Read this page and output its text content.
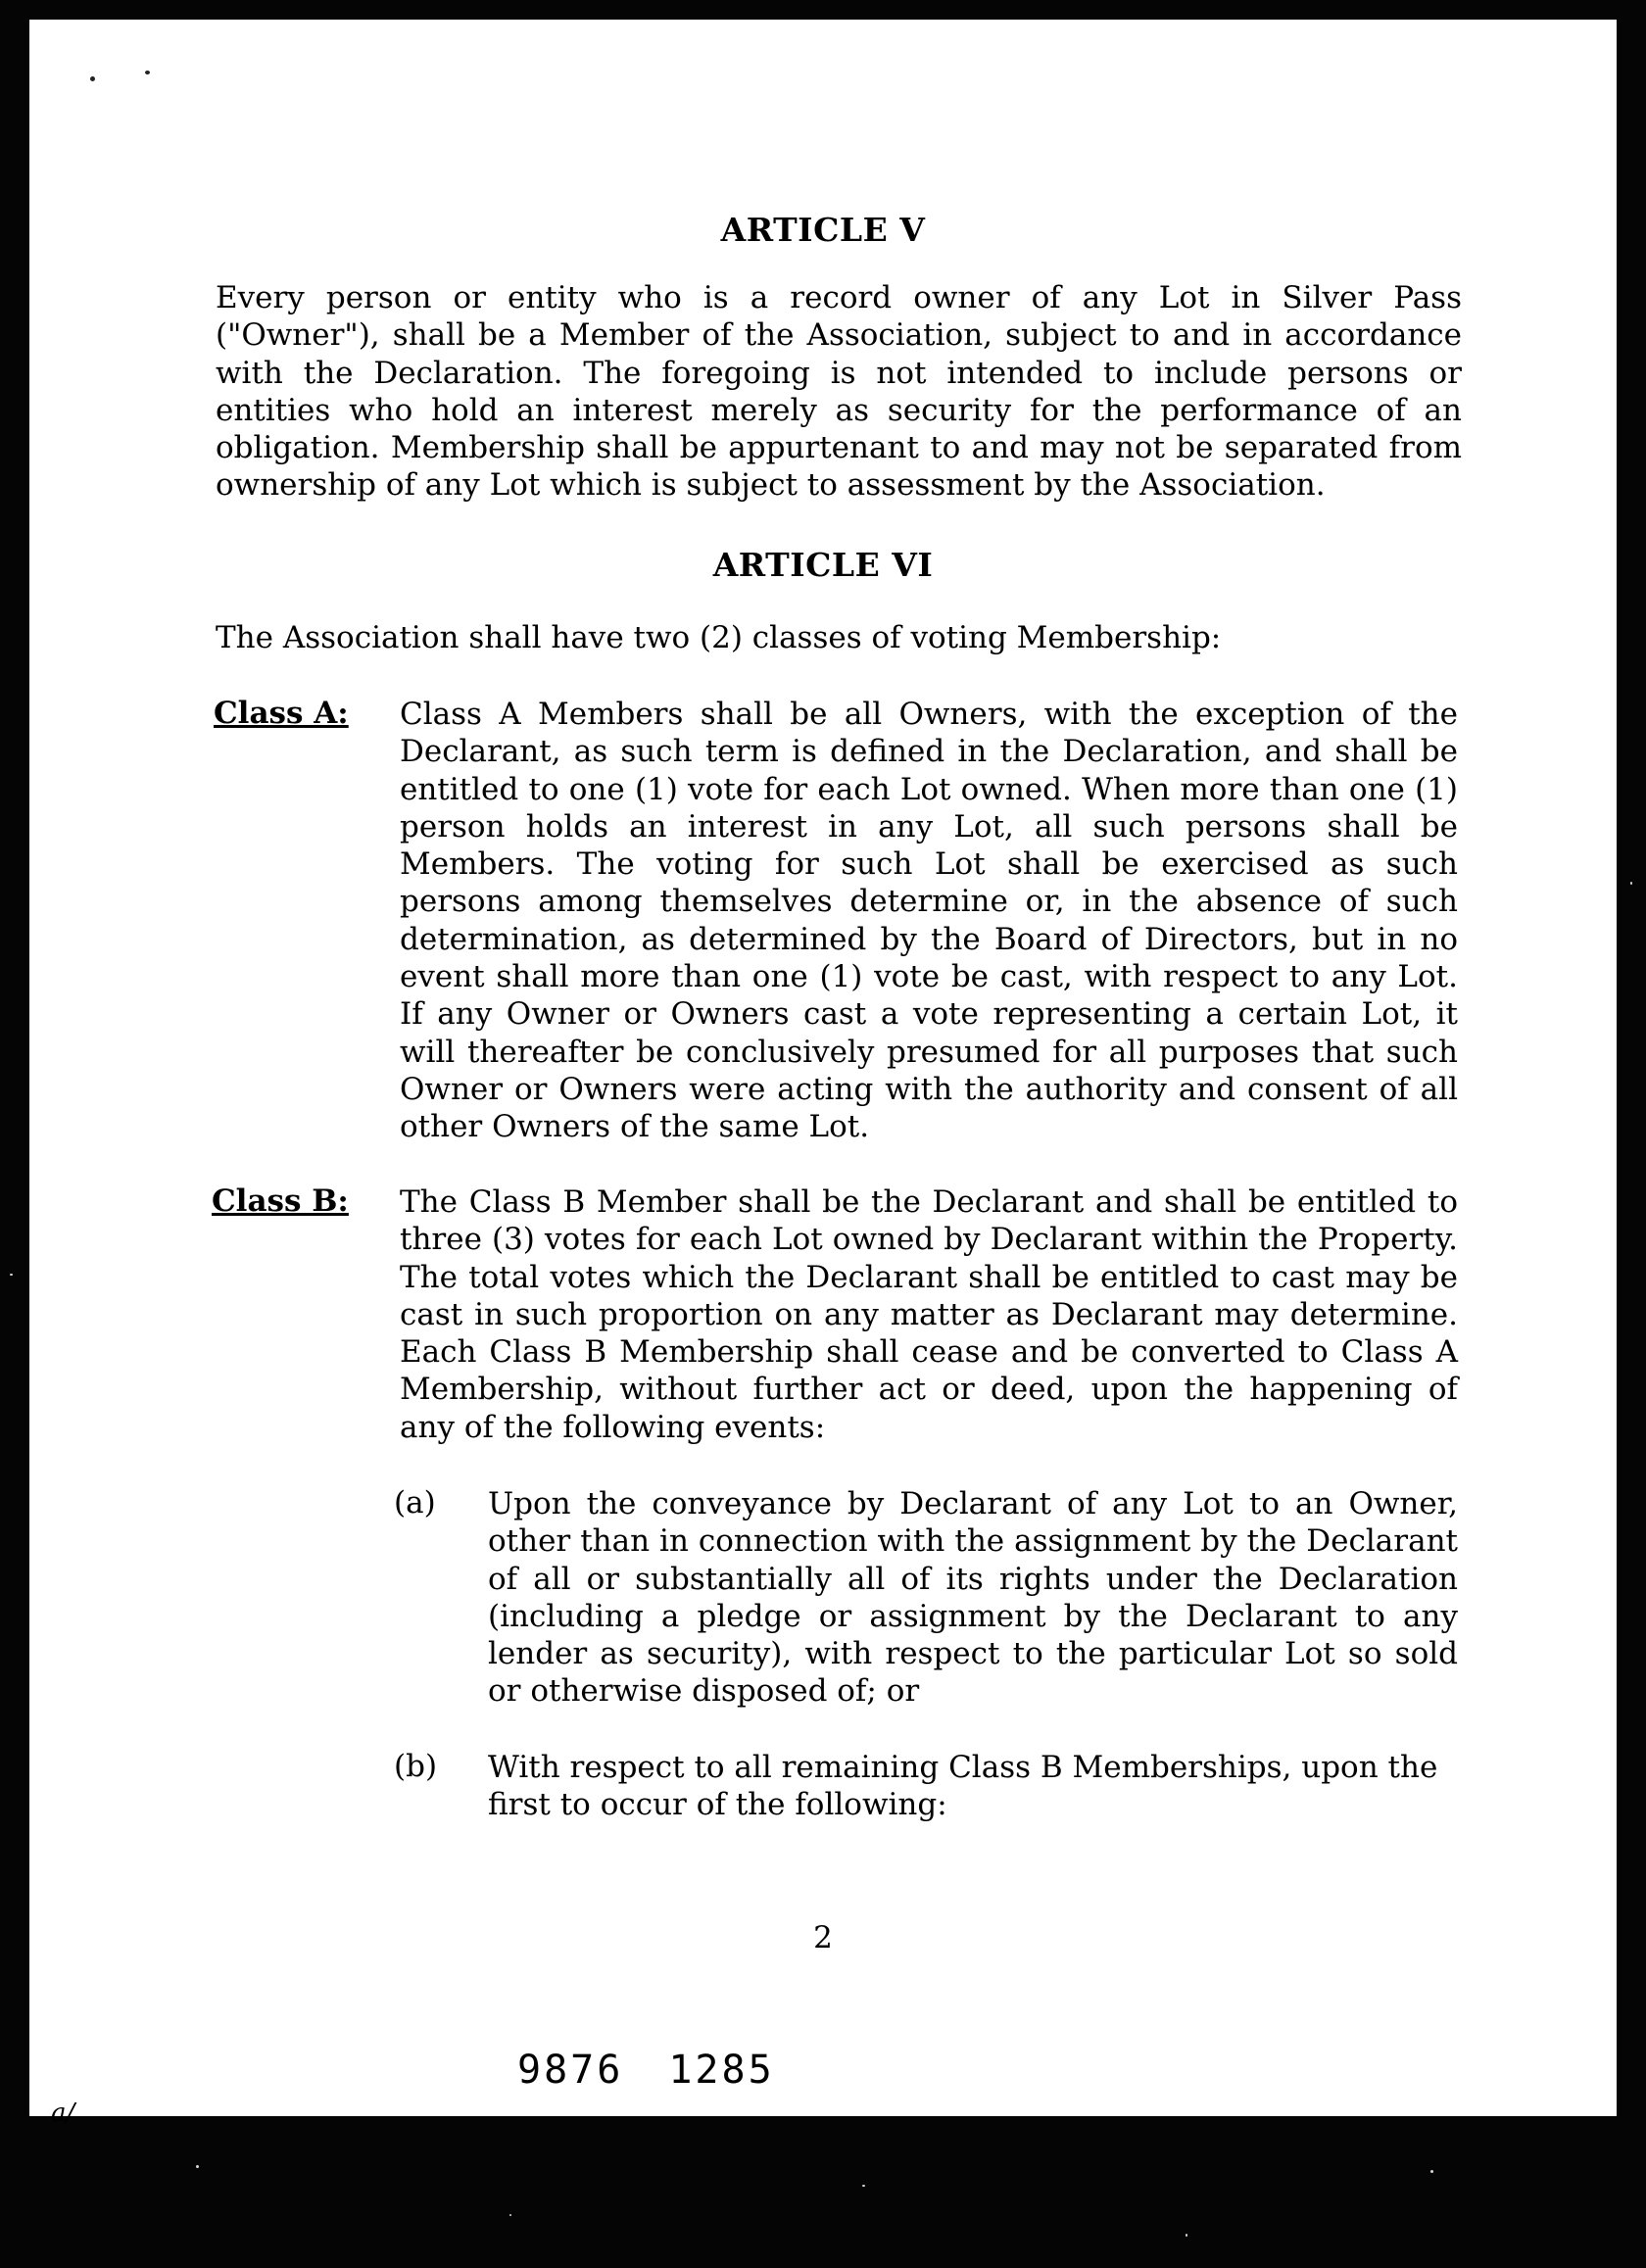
ARTICLE V

Every person or entity who is a record owner of any Lot in Silver Pass ("Owner"), shall be a Member of the Association, subject to and in accordance with the Declaration. The foregoing is not intended to include persons or entities who hold an interest merely as security for the performance of an obligation. Membership shall be appurtenant to and may not be separated from ownership of any Lot which is subject to assessment by the Association.

ARTICLE VI

The Association shall have two (2) classes of voting Membership:

Class A: Class A Members shall be all Owners, with the exception of the Declarant, as such term is defined in the Declaration, and shall be entitled to one (1) vote for each Lot owned. When more than one (1) person holds an interest in any Lot, all such persons shall be Members. The voting for such Lot shall be exercised as such persons among themselves determine or, in the absence of such determination, as determined by the Board of Directors, but in no event shall more than one (1) vote be cast, with respect to any Lot. If any Owner or Owners cast a vote representing a certain Lot, it will thereafter be conclusively presumed for all purposes that such Owner or Owners were acting with the authority and consent of all other Owners of the same Lot.

Class B: The Class B Member shall be the Declarant and shall be entitled to three (3) votes for each Lot owned by Declarant within the Property. The total votes which the Declarant shall be entitled to cast may be cast in such proportion on any matter as Declarant may determine. Each Class B Membership shall cease and be converted to Class A Membership, without further act or deed, upon the happening of any of the following events:

(a) Upon the conveyance by Declarant of any Lot to an Owner, other than in connection with the assignment by the Declarant of all or substantially all of its rights under the Declaration (including a pledge or assignment by the Declarant to any lender as security), with respect to the particular Lot so sold or otherwise disposed of; or

(b) With respect to all remaining Class B Memberships, upon the first to occur of the following:

2
9876 1285
a/
